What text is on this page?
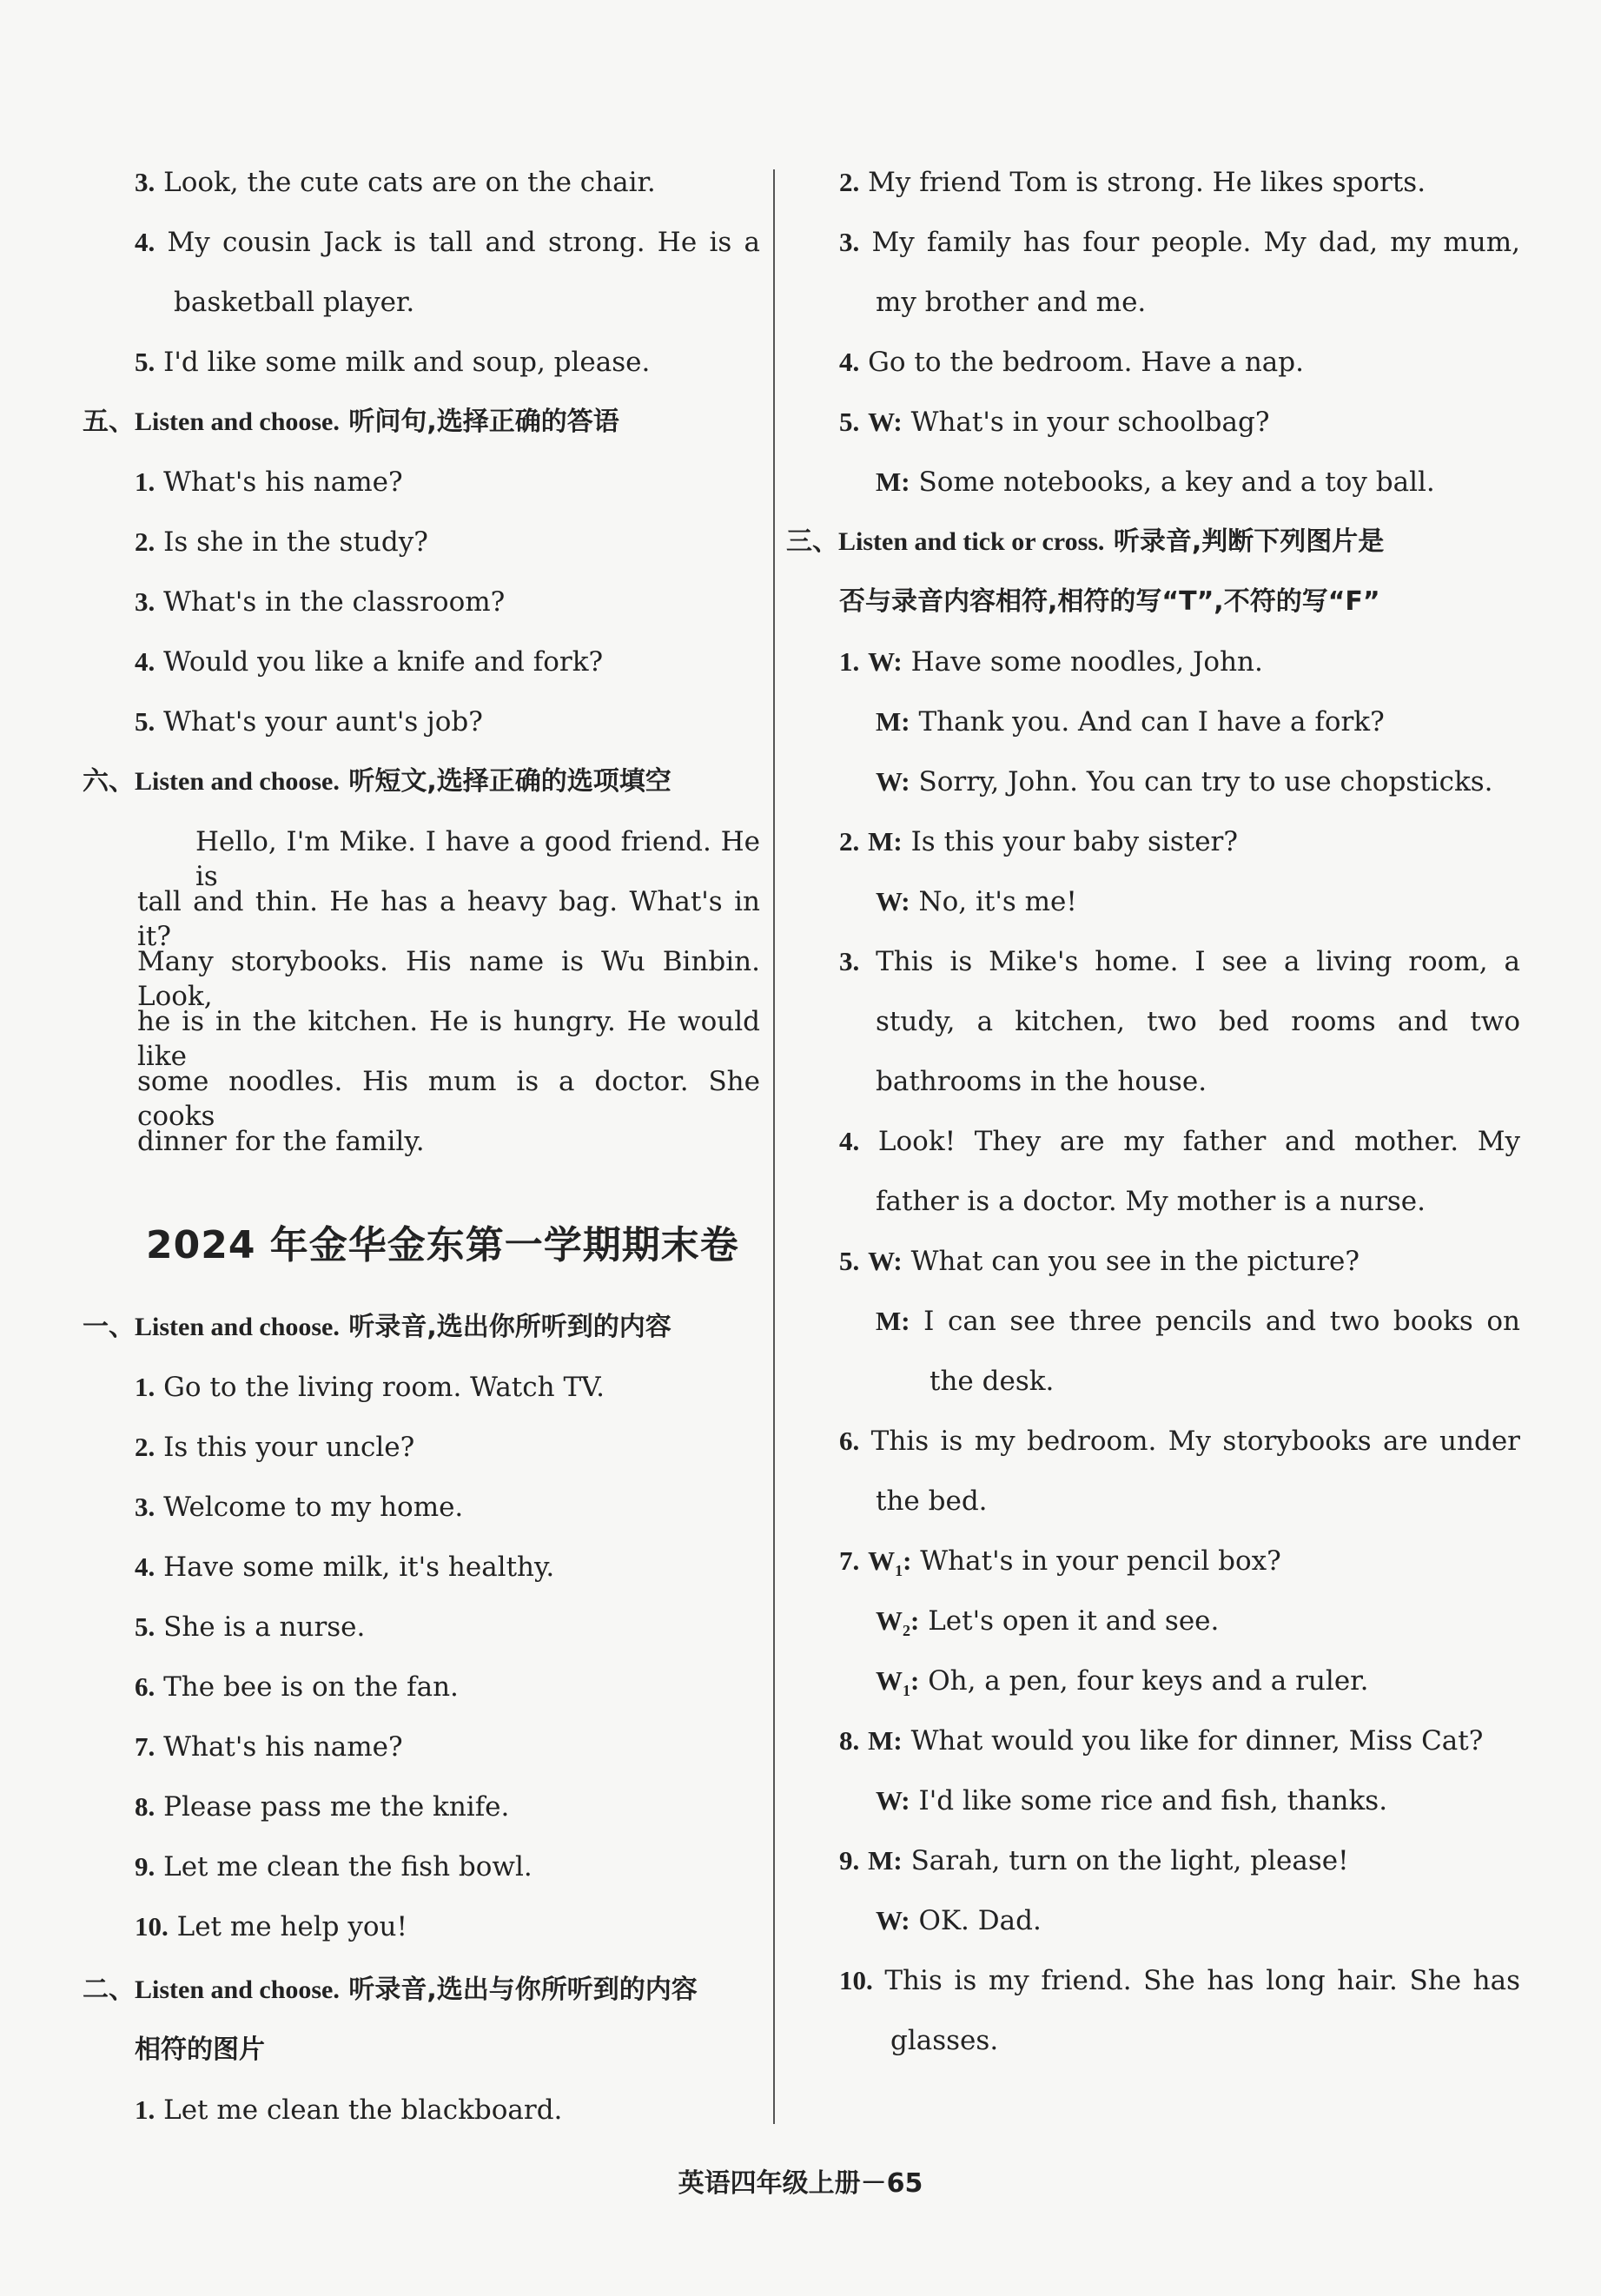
3. Look, the cute cats are on the chair.
4. My cousin Jack is tall and strong. He is a
basketball player.
5. I'd like some milk and soup, please.
五、Listen and choose. 听问句,选择正确的答语
1. What's his name?
2. Is she in the study?
3. What's in the classroom?
4. Would you like a knife and fork?
5. What's your aunt's job?
六、Listen and choose. 听短文,选择正确的选项填空
Hello, I'm Mike. I have a good friend. He is
tall and thin. He has a heavy bag. What's in it?
Many storybooks. His name is Wu Binbin. Look,
he is in the kitchen. He is hungry. He would like
some noodles. His mum is a doctor. She cooks
dinner for the family.
2024 年金华金东第一学期期末卷
一、Listen and choose. 听录音,选出你所听到的内容
1. Go to the living room. Watch TV.
2. Is this your uncle?
3. Welcome to my home.
4. Have some milk, it's healthy.
5. She is a nurse.
6. The bee is on the fan.
7. What's his name?
8. Please pass me the knife.
9. Let me clean the fish bowl.
10. Let me help you!
二、Listen and choose. 听录音,选出与你所听到的内容
相符的图片
1. Let me clean the blackboard.
2. My friend Tom is strong. He likes sports.
3. My family has four people. My dad, my mum,
my brother and me.
4. Go to the bedroom. Have a nap.
5. W: What's in your schoolbag?
M: Some notebooks, a key and a toy ball.
三、Listen and tick or cross. 听录音,判断下列图片是
否与录音内容相符,相符的写“T”,不符的写“F”
1. W: Have some noodles, John.
M: Thank you. And can I have a fork?
W: Sorry, John. You can try to use chopsticks.
2. M: Is this your baby sister?
W: No, it's me!
3. This is Mike's home. I see a living room, a
study, a kitchen, two bed rooms and two
bathrooms in the house.
4. Look! They are my father and mother. My
father is a doctor. My mother is a nurse.
5. W: What can you see in the picture?
M: I can see three pencils and two books on
the desk.
6. This is my bedroom. My storybooks are under
the bed.
7. $W_1$: What's in your pencil box?
$W_2$: Let's open it and see.
$W_1$: Oh, a pen, four keys and a ruler.
8. M: What would you like for dinner, Miss Cat?
W: I'd like some rice and fish, thanks.
9. M: Sarah, turn on the light, please!
W: OK. Dad.
10. This is my friend. She has long hair. She has
glasses.
英语四年级上册－65
